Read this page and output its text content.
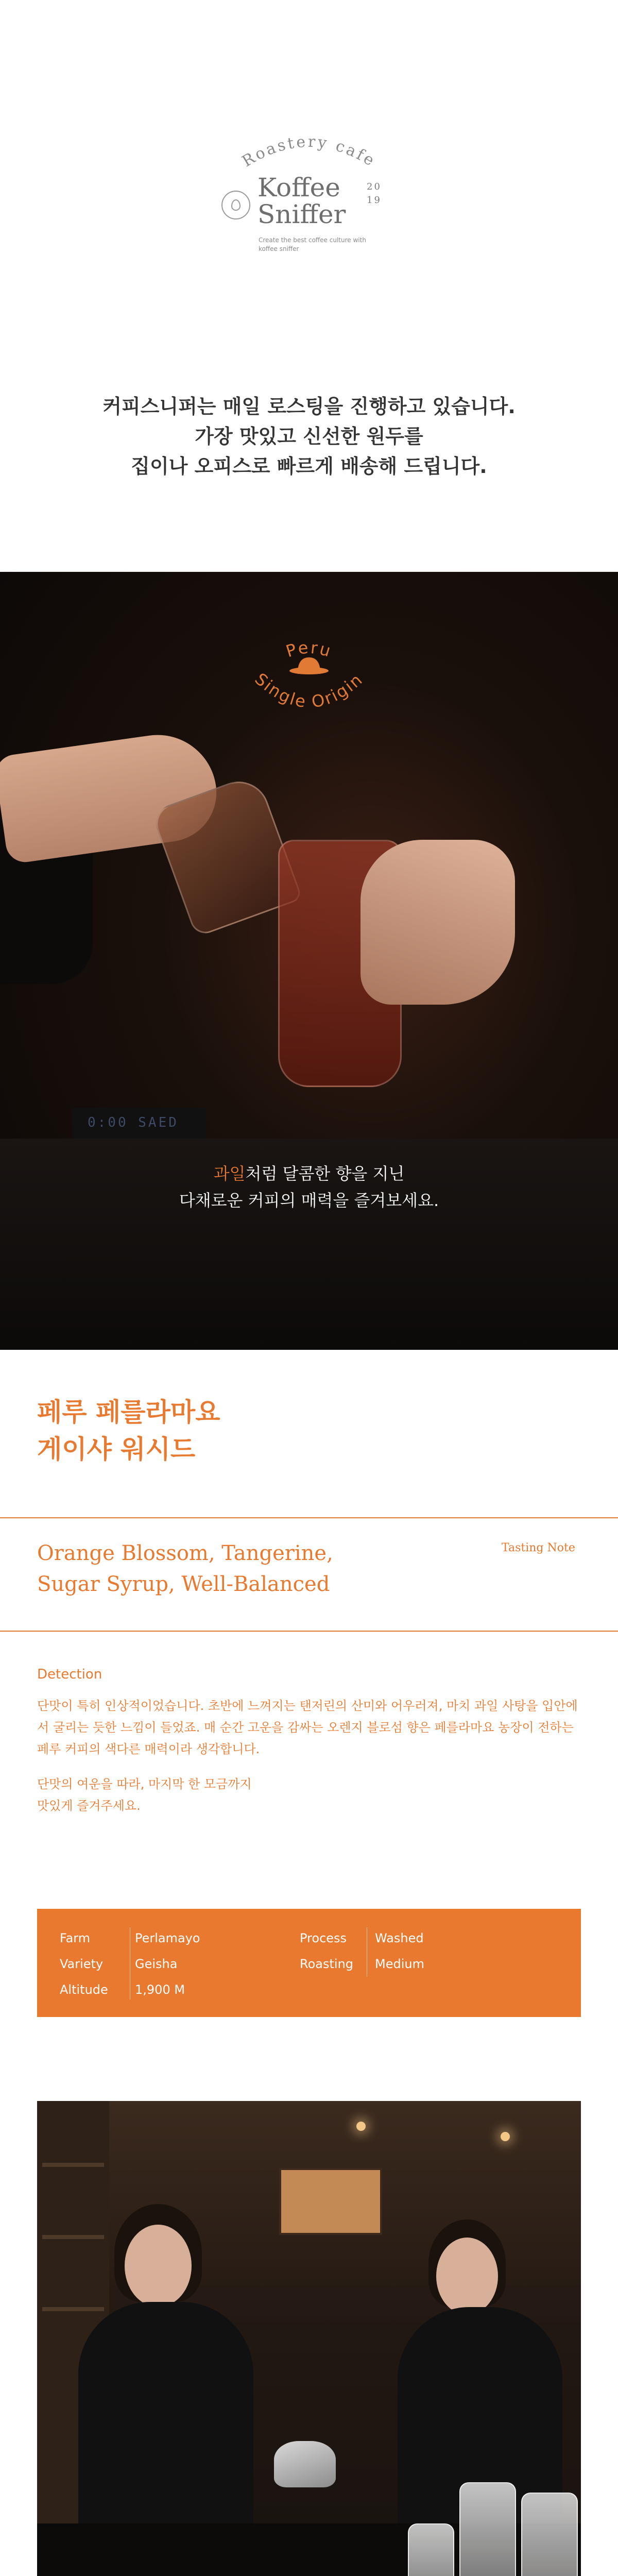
Roastery cafe
Koffee
Sniffer
20
19
Create the best coffee culture with koffee sniffer

커피스니퍼는 매일 로스팅을 진행하고 있습니다.

가장 맛있고 신선한 원두를

집이나 오피스로 빠르게 배송해 드립니다.

Peru
Single Origin
0:00 SAED

과일처럼 달콤한 향을 지닌

다채로운 커피의 매력을 즐겨보세요.

페루 페를라마요

게이샤 워시드

Orange Blossom, Tangerine,
Sugar Syrup, Well-Balanced
Tasting Note
Detection

단맛이 특히 인상적이었습니다. 초반에 느껴지는 탠저린의 산미와 어우러져, 마치 과일 사탕을 입안에서 굴리는 듯한 느낌이 들었죠. 매 순간 고운을 감싸는 오렌지 블로섬 향은 페를라마요 농장이 전하는 페루 커피의 색다른 매력이라 생각합니다.

단맛의 여운을 따라, 마지막 한 모금까지
맛있게 즐겨주세요.

Farm	Perlamayo
Variety	Geisha
Altitude	1,900 M
Process	Washed
Roasting	Medium
